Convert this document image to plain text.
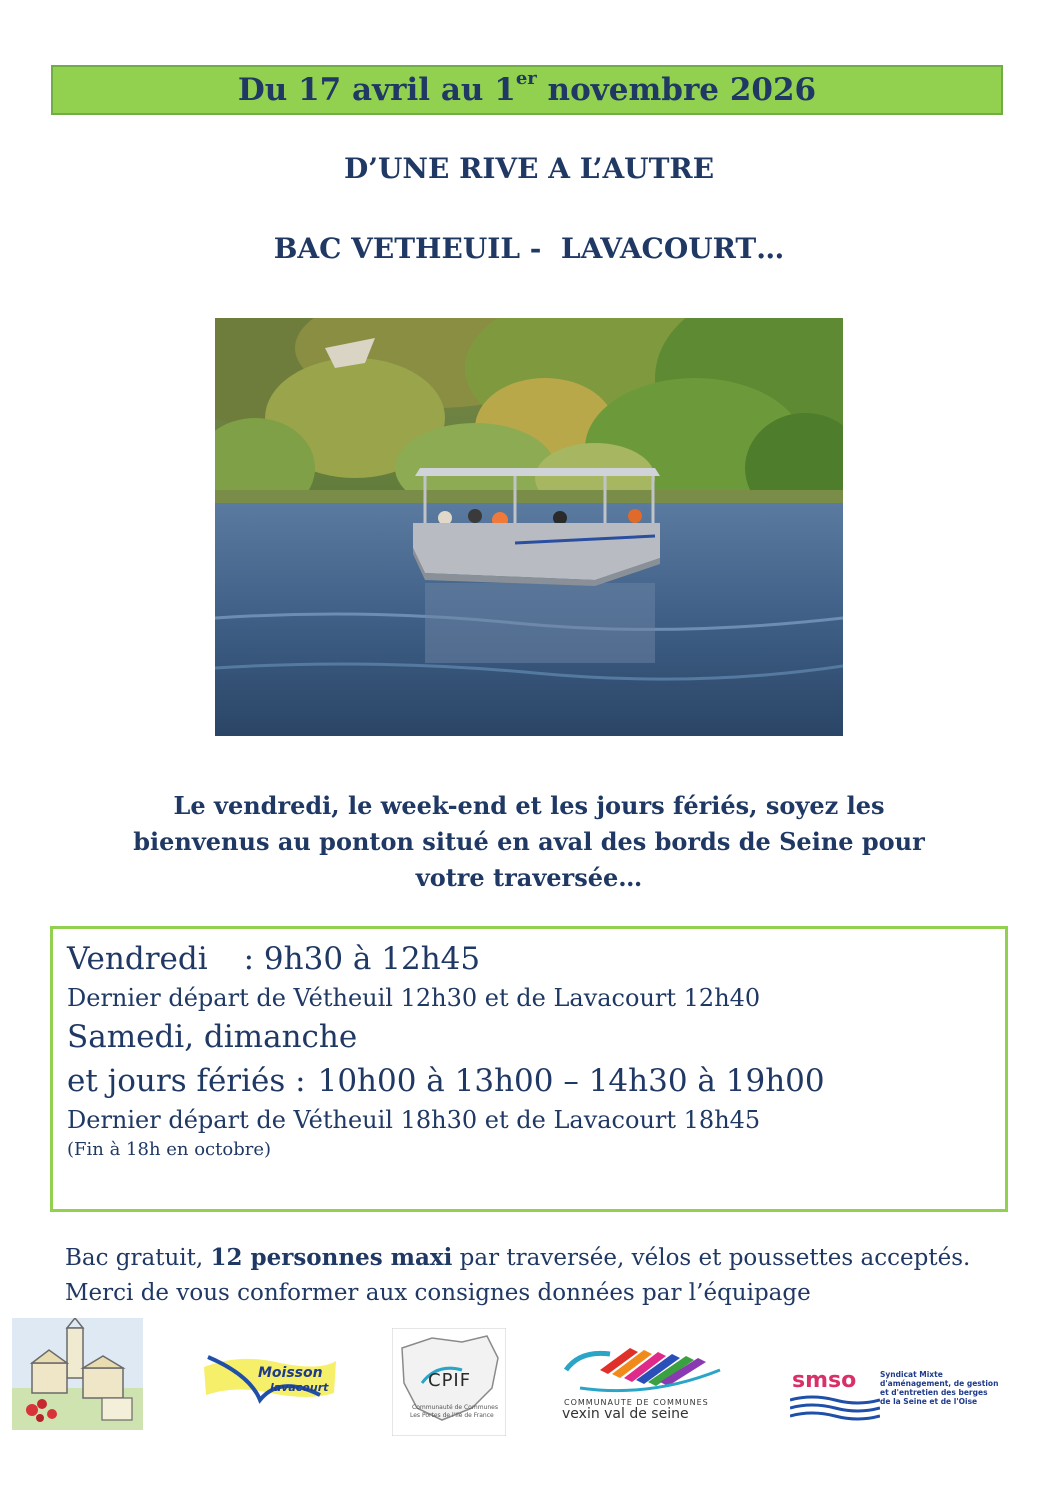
Du 17 avril au 1er novembre 2026
D’UNE RIVE A L’AUTRE
BAC VETHEUIL -  LAVACOURT…
Le vendredi, le week-end et les jours fériés, soyez les
bienvenus au ponton situé en aval des bords de Seine pour
votre traversée…
Vendredi : 9h30 à 12h45
Dernier départ de Vétheuil 12h30 et de Lavacourt 12h40
Samedi, dimanche
et jours fériés : 10h00 à 13h00 – 14h30 à 19h00
Dernier départ de Vétheuil 18h30 et de Lavacourt 18h45
(Fin à 18h en octobre)
Bac gratuit, 12 personnes maxi par traversée, vélos et poussettes acceptés.
Merci de vous conformer aux consignes données par l’équipage
Moisson
lavacourt	CPIF
Communauté de Communes
Les Portes de l'Ile de France
COMMUNAUTE DE COMMUNES
vexin val de seine
smso	Syndicat Mixte
d'aménagement, de gestion
et d'entretien des berges
de la Seine et de l'Oise
